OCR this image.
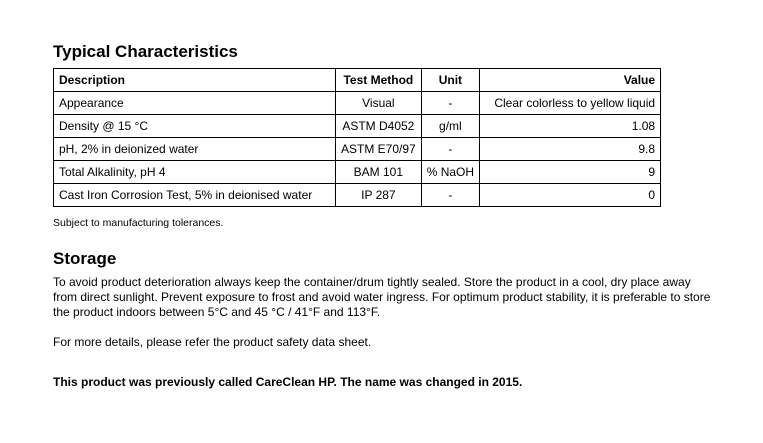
Typical Characteristics
Description	Test Method	Unit	Value
Appearance	Visual	-	Clear colorless to yellow liquid
Density @ 15 °C	ASTM D4052	g/ml	1.08
pH, 2% in deionized water	ASTM E70/97	-	9.8
Total Alkalinity, pH 4	BAM 101	% NaOH	9
Cast Iron Corrosion Test, 5% in deionised water	IP 287	-	0
Subject to manufacturing tolerances.
Storage

To avoid product deterioration always keep the container/drum tightly sealed. Store the product in a cool, dry place away from direct sunlight. Prevent exposure to frost and avoid water ingress. For optimum product stability, it is preferable to store the product indoors between 5°C and 45 °C / 41°F and 113°F.

For more details, please refer the product safety data sheet.

This product was previously called CareClean HP. The name was changed in 2015.
